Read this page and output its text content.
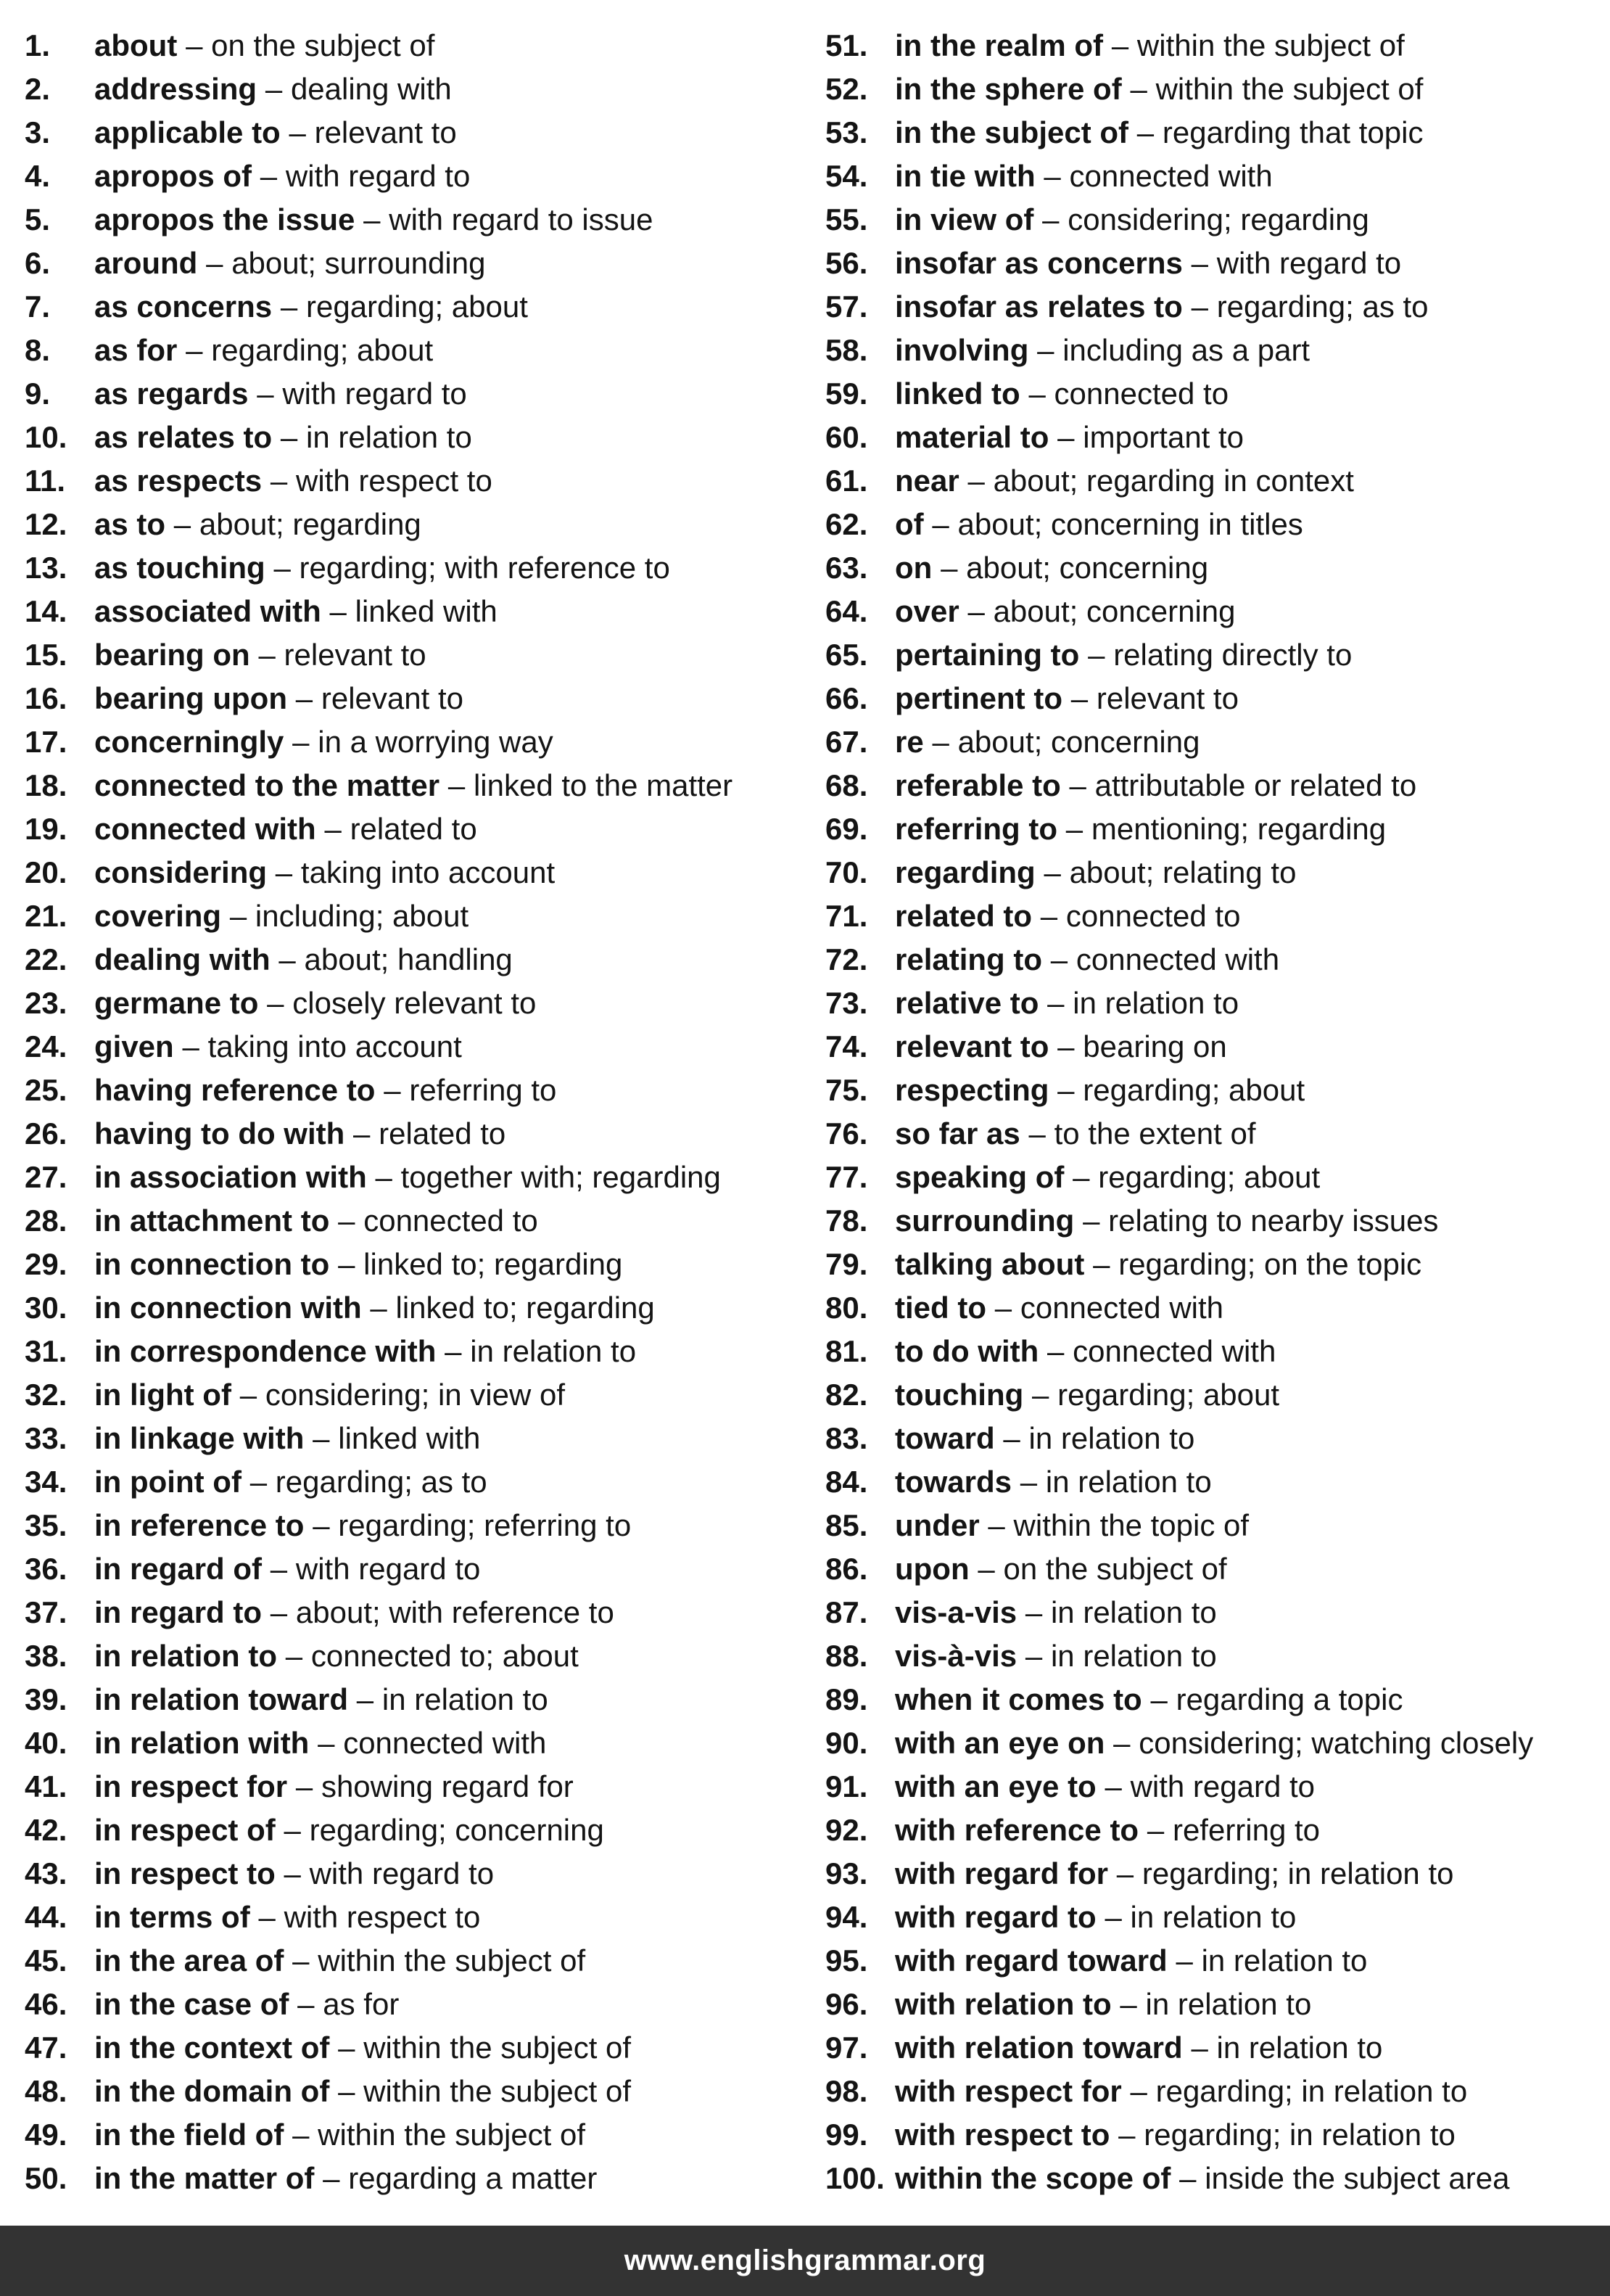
1.	about – on the subject of
2.	addressing – dealing with
3.	applicable to – relevant to
4.	apropos of – with regard to
5.	apropos the issue – with regard to issue
6.	around – about; surrounding
7.	as concerns – regarding; about
8.	as for – regarding; about
9.	as regards – with regard to
10. as relates to – in relation to
11. as respects – with respect to
12. as to – about; regarding
13. as touching – regarding; with reference to
14. associated with – linked with
15. bearing on – relevant to
16. bearing upon – relevant to
17. concerningly – in a worrying way
18. connected to the matter – linked to the matter
19. connected with – related to
20. considering – taking into account
21. covering – including; about
22. dealing with – about; handling
23. germane to – closely relevant to
24. given – taking into account
25. having reference to – referring to
26. having to do with – related to
27. in association with – together with; regarding
28. in attachment to – connected to
29. in connection to – linked to; regarding
30. in connection with – linked to; regarding
31. in correspondence with – in relation to
32. in light of – considering; in view of
33. in linkage with – linked with
34. in point of – regarding; as to
35. in reference to – regarding; referring to
36. in regard of – with regard to
37. in regard to – about; with reference to
38. in relation to – connected to; about
39. in relation toward – in relation to
40. in relation with – connected with
41. in respect for – showing regard for
42. in respect of – regarding; concerning
43. in respect to – with regard to
44. in terms of – with respect to
45. in the area of – within the subject of
46. in the case of – as for
47. in the context of – within the subject of
48. in the domain of – within the subject of
49. in the field of – within the subject of
50. in the matter of – regarding a matter
51. in the realm of – within the subject of
52. in the sphere of – within the subject of
53. in the subject of – regarding that topic
54. in tie with – connected with
55. in view of – considering; regarding
56. insofar as concerns – with regard to
57. insofar as relates to – regarding; as to
58. involving – including as a part
59. linked to – connected to
60. material to – important to
61. near – about; regarding in context
62. of – about; concerning in titles
63. on – about; concerning
64. over – about; concerning
65. pertaining to – relating directly to
66. pertinent to – relevant to
67. re – about; concerning
68. referable to – attributable or related to
69. referring to – mentioning; regarding
70. regarding – about; relating to
71. related to – connected to
72. relating to – connected with
73. relative to – in relation to
74. relevant to – bearing on
75. respecting – regarding; about
76. so far as – to the extent of
77. speaking of – regarding; about
78. surrounding – relating to nearby issues
79. talking about – regarding; on the topic
80. tied to – connected with
81. to do with – connected with
82. touching – regarding; about
83. toward – in relation to
84. towards – in relation to
85. under – within the topic of
86. upon – on the subject of
87. vis-a-vis – in relation to
88. vis-à-vis – in relation to
89. when it comes to – regarding a topic
90. with an eye on – considering; watching closely
91. with an eye to – with regard to
92. with reference to – referring to
93. with regard for – regarding; in relation to
94. with regard to – in relation to
95. with regard toward – in relation to
96. with relation to – in relation to
97. with relation toward – in relation to
98. with respect for – regarding; in relation to
99. with respect to – regarding; in relation to
100. within the scope of – inside the subject area
www.englishgrammar.org
